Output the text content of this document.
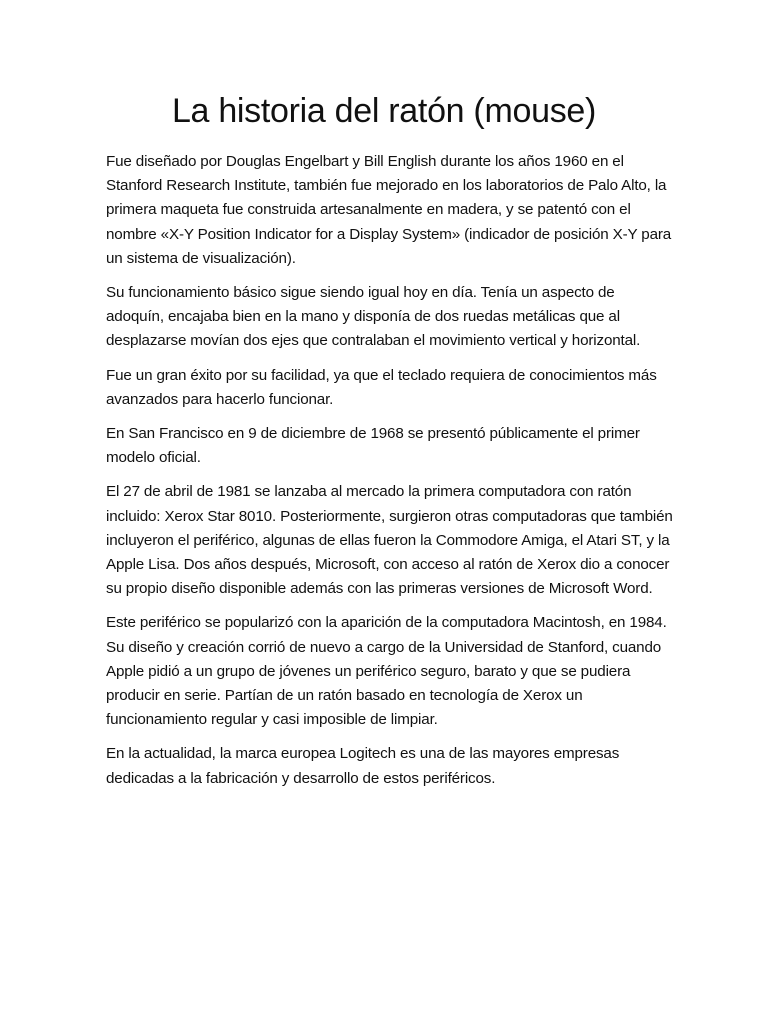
La historia del ratón (mouse)

Fue diseñado por Douglas Engelbart y Bill English durante los años 1960 en el Stanford Research Institute, también fue mejorado en los laboratorios de Palo Alto, la primera maqueta fue construida artesanalmente en madera, y se patentó con el nombre «X-Y Position Indicator for a Display System» (indicador de posición X-Y para un sistema de visualización).

Su funcionamiento básico sigue siendo igual hoy en día. Tenía un aspecto de adoquín, encajaba bien en la mano y disponía de dos ruedas metálicas que al desplazarse movían dos ejes que contralaban el movimiento vertical y horizontal.

Fue un gran éxito por su facilidad, ya que el teclado requiera de conocimientos más avanzados para hacerlo funcionar.

En San Francisco en 9 de diciembre de 1968 se presentó públicamente el primer modelo oficial.

El 27 de abril de 1981 se lanzaba al mercado la primera computadora con ratón incluido: Xerox Star 8010. Posteriormente, surgieron otras computadoras que también incluyeron el periférico, algunas de ellas fueron la Commodore Amiga, el Atari ST, y la Apple Lisa. Dos años después, Microsoft, con acceso al ratón de Xerox dio a conocer su propio diseño disponible además con las primeras versiones de Microsoft Word.

Este periférico se popularizó con la aparición de la computadora Macintosh, en 1984. Su diseño y creación corrió de nuevo a cargo de la Universidad de Stanford, cuando Apple pidió a un grupo de jóvenes un periférico seguro, barato y que se pudiera producir en serie. Partían de un ratón basado en tecnología de Xerox un funcionamiento regular y casi imposible de limpiar.

En la actualidad, la marca europea Logitech es una de las mayores empresas dedicadas a la fabricación y desarrollo de estos periféricos.
